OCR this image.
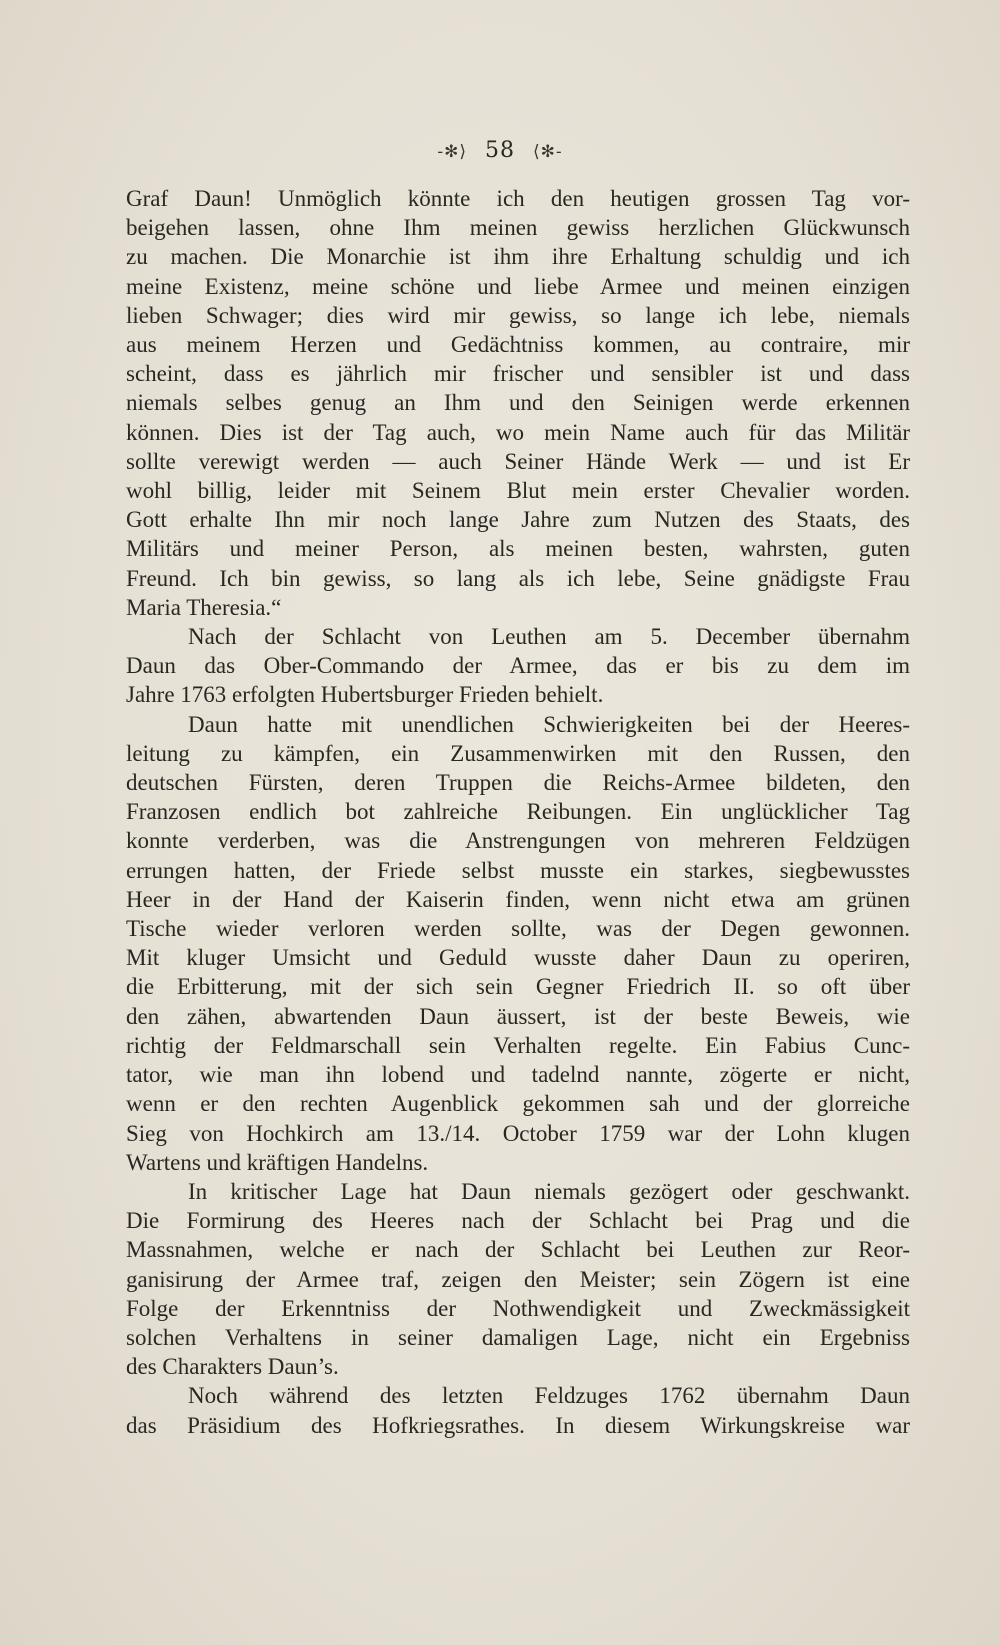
-✻⟩ 58 ⟨✻-

Graf Daun! Unmöglich könnte ich den heutigen grossen Tag vor-

beigehen lassen, ohne Ihm meinen gewiss herzlichen Glückwunsch

zu machen. Die Monarchie ist ihm ihre Erhaltung schuldig und ich

meine Existenz, meine schöne und liebe Armee und meinen einzigen

lieben Schwager; dies wird mir gewiss, so lange ich lebe, niemals

aus meinem Herzen und Gedächtniss kommen, au contraire, mir

scheint, dass es jährlich mir frischer und sensibler ist und dass

niemals selbes genug an Ihm und den Seinigen werde erkennen

können. Dies ist der Tag auch, wo mein Name auch für das Militär

sollte verewigt werden — auch Seiner Hände Werk — und ist Er

wohl billig, leider mit Seinem Blut mein erster Chevalier worden.

Gott erhalte Ihn mir noch lange Jahre zum Nutzen des Staats, des

Militärs und meiner Person, als meinen besten, wahrsten, guten

Freund. Ich bin gewiss, so lang als ich lebe, Seine gnädigste Frau

Maria Theresia.“

Nach der Schlacht von Leuthen am 5. December übernahm

Daun das Ober-Commando der Armee, das er bis zu dem im

Jahre 1763 erfolgten Hubertsburger Frieden behielt.

Daun hatte mit unendlichen Schwierigkeiten bei der Heeres-

leitung zu kämpfen, ein Zusammenwirken mit den Russen, den

deutschen Fürsten, deren Truppen die Reichs-Armee bildeten, den

Franzosen endlich bot zahlreiche Reibungen. Ein unglücklicher Tag

konnte verderben, was die Anstrengungen von mehreren Feldzügen

errungen hatten, der Friede selbst musste ein starkes, siegbewusstes

Heer in der Hand der Kaiserin finden, wenn nicht etwa am grünen

Tische wieder verloren werden sollte, was der Degen gewonnen.

Mit kluger Umsicht und Geduld wusste daher Daun zu operiren,

die Erbitterung, mit der sich sein Gegner Friedrich II. so oft über

den zähen, abwartenden Daun äussert, ist der beste Beweis, wie

richtig der Feldmarschall sein Verhalten regelte. Ein Fabius Cunc-

tator, wie man ihn lobend und tadelnd nannte, zögerte er nicht,

wenn er den rechten Augenblick gekommen sah und der glorreiche

Sieg von Hochkirch am 13./14. October 1759 war der Lohn klugen

Wartens und kräftigen Handelns.

In kritischer Lage hat Daun niemals gezögert oder geschwankt.

Die Formirung des Heeres nach der Schlacht bei Prag und die

Massnahmen, welche er nach der Schlacht bei Leuthen zur Reor-

ganisirung der Armee traf, zeigen den Meister; sein Zögern ist eine

Folge der Erkenntniss der Nothwendigkeit und Zweckmässigkeit

solchen Verhaltens in seiner damaligen Lage, nicht ein Ergebniss

des Charakters Daun’s.

Noch während des letzten Feldzuges 1762 übernahm Daun

das Präsidium des Hofkriegsrathes. In diesem Wirkungskreise war
